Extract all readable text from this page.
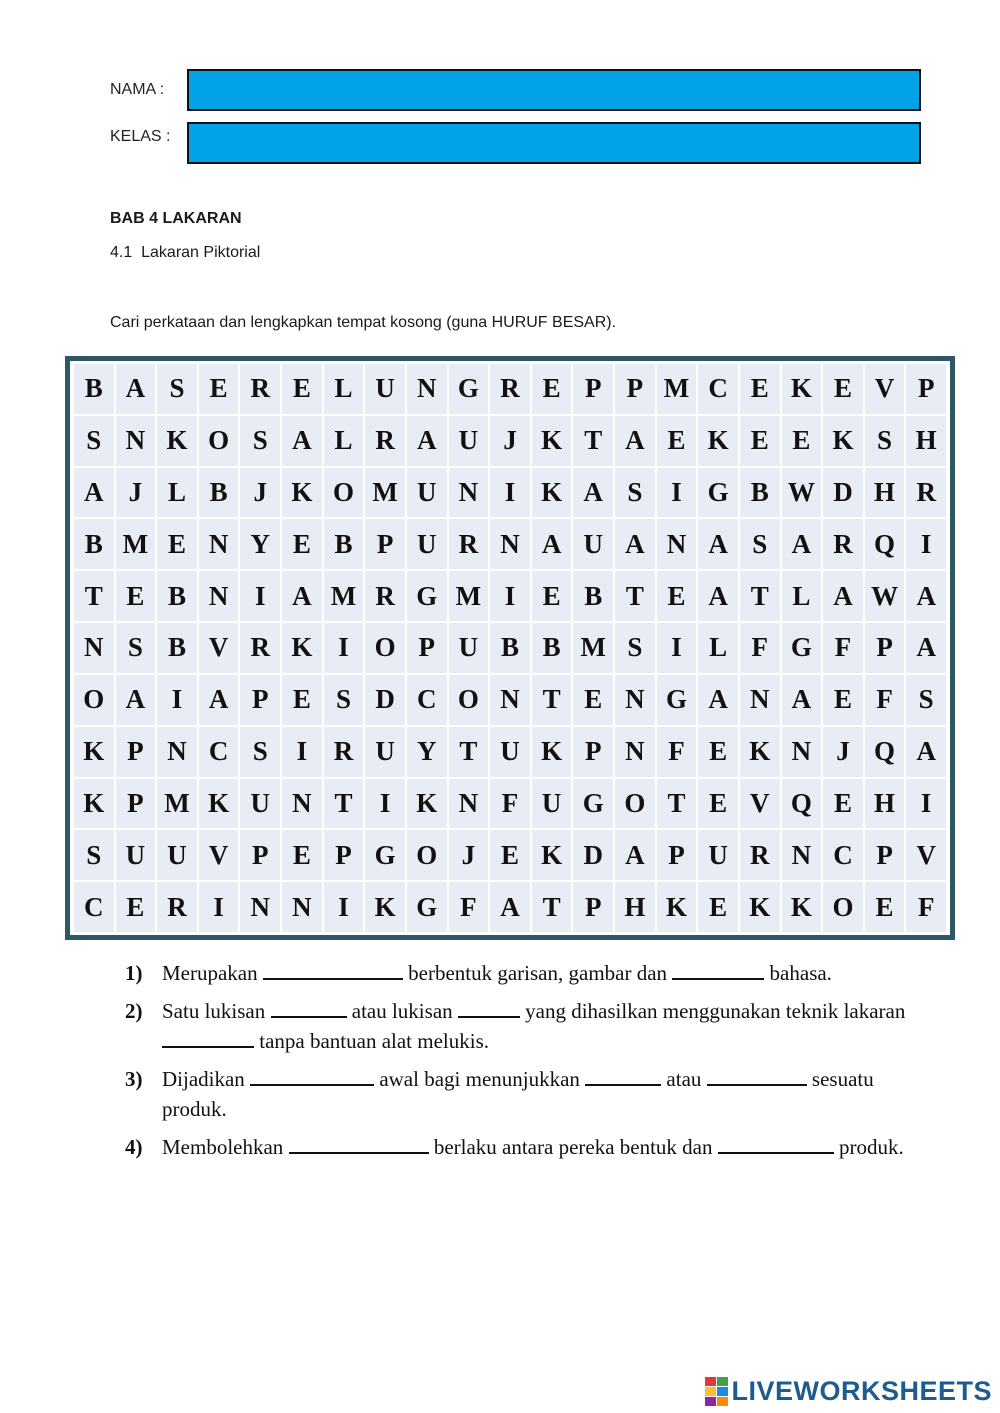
NAMA :
KELAS :
BAB 4 LAKARAN
4.1  Lakaran Piktorial
Cari perkataan dan lengkapkan tempat kosong (guna HURUF BESAR).
B A S E R E L U N G R E P P M C E K E V P
S N K O S A L R A U J K T A E K E E K S H
A J L B J K O M U N I K A S	I G B W D H R
B M E N Y E B P U R N A U A N A S A R Q I
T E B N I A M R G M I	E B T E A T L A W A
N S B V R K I O P U B B M S	I	L F G F P A
O A I A P E S D C O N T E N G A N A E F S
K P N C S	I R U Y T U K P N F E K N J Q A
K P M K U N T	I K N F U G O T E V Q E H I
S U U V P E P G O J E K D A P U R N C P V
C E R I N N I K G F A T P H K E K K O E F
1) Merupakan	berbentuk garisan, gambar dan	bahasa.
2) Satu lukisan	atau lukisan	yang dihasilkan menggunakan teknik lakaran  tanpa bantuan alat melukis.
3) Dijadikan	awal bagi menunjukkan	atau	sesuatu produk.
4) Membolehkan	berlaku antara pereka bentuk dan	produk.
LIVEWORKSHEETS
